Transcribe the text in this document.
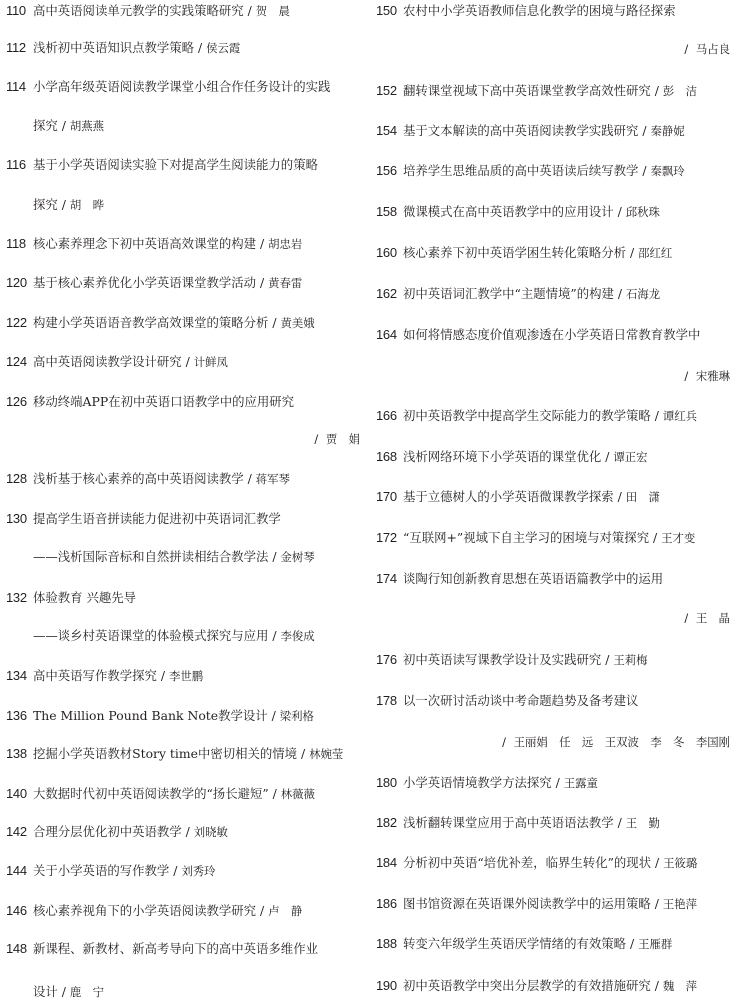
110 高中英语阅读单元教学的实践策略研究 / 贺　晨
112 浅析初中英语知识点教学策略 / 侯云霞
114 小学高年级英语阅读教学课堂小组合作任务设计的实践
探究 / 胡燕燕
116 基于小学英语阅读实验下对提高学生阅读能力的策略
探究 / 胡　晔
118 核心素养理念下初中英语高效课堂的构建 / 胡忠岩
120 基于核心素养优化小学英语课堂教学活动 / 黄春雷
122 构建小学英语语音教学高效课堂的策略分析 / 黄美娥
124 高中英语阅读教学设计研究 / 计鲜凤
126 移动终端APP在初中英语口语教学中的应用研究
/ 贾　娟
128 浅析基于核心素养的高中英语阅读教学 / 蒋军琴
130 提高学生语音拼读能力促进初中英语词汇教学
——浅析国际音标和自然拼读相结合教学法 / 金树琴
132 体验教育 兴趣先导
——谈乡村英语课堂的体验模式探究与应用 / 李俊成
134 高中英语写作教学探究 / 李世鹏
136 The Million Pound Bank Note教学设计 / 梁利格
138 挖掘小学英语教材Story time中密切相关的情境 / 林婉莹
140 大数据时代初中英语阅读教学的“扬长避短” / 林薇薇
142 合理分层优化初中英语教学 / 刘晓敏
144 关于小学英语的写作教学 / 刘秀玲
146 核心素养视角下的小学英语阅读教学研究 / 卢　静
148 新课程、新教材、新高考导向下的高中英语多维作业
设计 / 鹿　宁
150 农村中小学英语教师信息化教学的困境与路径探索
/ 马占良
152 翻转课堂视域下高中英语课堂教学高效性研究 / 彭　洁
154 基于文本解读的高中英语阅读教学实践研究 / 秦静妮
156 培养学生思维品质的高中英语读后续写教学 / 秦飘玲
158 微课模式在高中英语教学中的应用设计 / 邱秋珠
160 核心素养下初中英语学困生转化策略分析 / 邵红红
162 初中英语词汇教学中“主题情境”的构建 / 石海龙
164 如何将情感态度价值观渗透在小学英语日常教育教学中
/ 宋雅琳
166 初中英语教学中提高学生交际能力的教学策略 / 谭红兵
168 浅析网络环境下小学英语的课堂优化 / 谭正宏
170 基于立德树人的小学英语微课教学探索 / 田　潇
172 “互联网+”视域下自主学习的困境与对策探究 / 王才变
174 谈陶行知创新教育思想在英语语篇教学中的运用
/ 王　晶
176 初中英语读写课教学设计及实践研究 / 王莉梅
178 以一次研讨活动谈中考命题趋势及备考建议
/ 王丽娟　任　远　王双波　李　冬　李国刚
180 小学英语情境教学方法探究 / 王露童
182 浅析翻转课堂应用于高中英语语法教学 / 王　勤
184 分析初中英语“培优补差，临界生转化”的现状 / 王筱璐
186 图书馆资源在英语课外阅读教学中的运用策略 / 王艳萍
188 转变六年级学生英语厌学情绪的有效策略 / 王雁群
190 初中英语教学中突出分层教学的有效措施研究 / 魏　萍
